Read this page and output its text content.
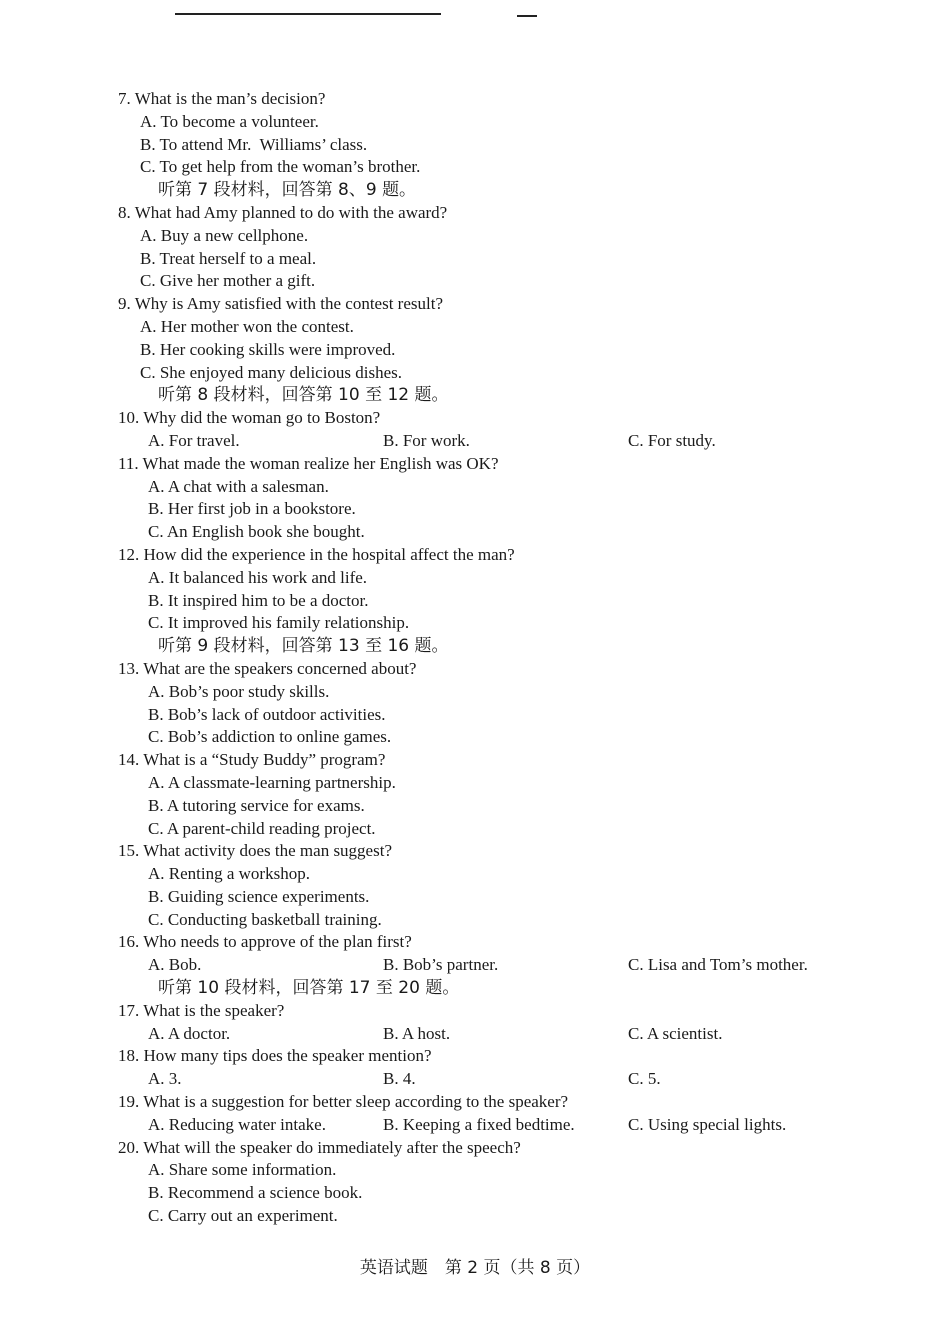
7. What is the man’s decision?
A. To become a volunteer.
B. To attend Mr.  Williams’ class.
C. To get help from the woman’s brother.
听第 7 段材料，回答第 8、9 题。
8. What had Amy planned to do with the award?
A. Buy a new cellphone.
B. Treat herself to a meal.
C. Give her mother a gift.
9. Why is Amy satisfied with the contest result?
A. Her mother won the contest.
B. Her cooking skills were improved.
C. She enjoyed many delicious dishes.
听第 8 段材料，回答第 10 至 12 题。
10. Why did the woman go to Boston?
A. For travel.	B. For work.	C. For study.
11. What made the woman realize her English was OK?
A. A chat with a salesman.
B. Her first job in a bookstore.
C. An English book she bought.
12. How did the experience in the hospital affect the man?
A. It balanced his work and life.
B. It inspired him to be a doctor.
C. It improved his family relationship.
听第 9 段材料，回答第 13 至 16 题。
13. What are the speakers concerned about?
A. Bob’s poor study skills.
B. Bob’s lack of outdoor activities.
C. Bob’s addiction to online games.
14. What is a “Study Buddy” program?
A. A classmate-learning partnership.
B. A tutoring service for exams.
C. A parent-child reading project.
15. What activity does the man suggest?
A. Renting a workshop.
B. Guiding science experiments.
C. Conducting basketball training.
16. Who needs to approve of the plan first?
A. Bob.	B. Bob’s partner.	C. Lisa and Tom’s mother.
听第 10 段材料，回答第 17 至 20 题。
17. What is the speaker?
A. A doctor.	B. A host.	C. A scientist.
18. How many tips does the speaker mention?
A. 3.	B. 4.	C. 5.
19. What is a suggestion for better sleep according to the speaker?
A. Reducing water intake.	B. Keeping a fixed bedtime.	C. Using special lights.
20. What will the speaker do immediately after the speech?
A. Share some information.
B. Recommend a science book.
C. Carry out an experiment.
英语试题　第 2 页（共 8 页）
